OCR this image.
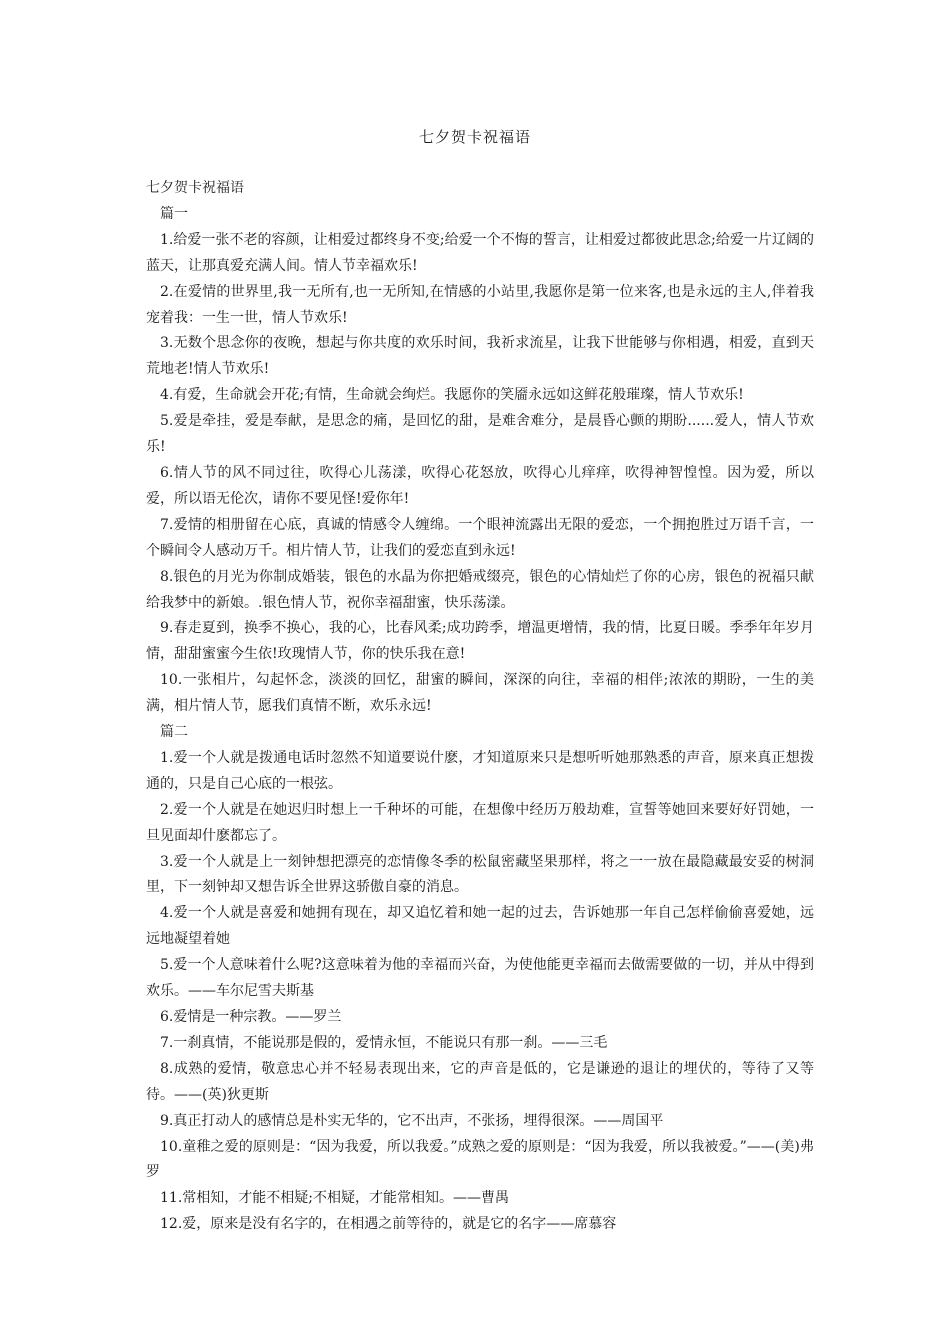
七夕贺卡祝福语

七夕贺卡祝福语

篇一

1.给爱一张不老的容颜，让相爱过都终身不变;给爱一个不悔的誓言，让相爱过都彼此思念;给爱一片辽阔的蓝天，让那真爱充满人间。情人节幸福欢乐!

2.在爱情的世界里,我一无所有,也一无所知,在情感的小站里,我愿你是第一位来客,也是永远的主人,伴着我宠着我：一生一世，情人节欢乐!

3.无数个思念你的夜晚，想起与你共度的欢乐时间，我祈求流星，让我下世能够与你相遇，相爱，直到天荒地老!情人节欢乐!

4.有爱，生命就会开花;有情，生命就会绚烂。我愿你的笑靥永远如这鲜花般璀璨，情人节欢乐!

5.爱是牵挂，爱是奉献，是思念的痛，是回忆的甜，是难舍难分，是晨昏心颤的期盼......爱人，情人节欢乐!

6.情人节的风不同过往，吹得心儿荡漾，吹得心花怒放，吹得心儿痒痒，吹得神智惶惶。因为爱，所以爱，所以语无伦次，请你不要见怪!爱你年!

7.爱情的相册留在心底，真诚的情感令人缠绵。一个眼神流露出无限的爱恋，一个拥抱胜过万语千言，一个瞬间令人感动万千。相片情人节，让我们的爱恋直到永远!

8.银色的月光为你制成婚装，银色的水晶为你把婚戒缀亮，银色的心情灿烂了你的心房，银色的祝福只献给我梦中的新娘。.银色情人节，祝你幸福甜蜜，快乐荡漾。

9.春走夏到，换季不换心，我的心，比春风柔;成功跨季，增温更增情，我的情，比夏日暖。季季年年岁月情，甜甜蜜蜜今生依!玫瑰情人节，你的快乐我在意!

10.一张相片，勾起怀念，淡淡的回忆，甜蜜的瞬间，深深的向往，幸福的相伴;浓浓的期盼，一生的美满，相片情人节，愿我们真情不断，欢乐永远!

篇二

1.爱一个人就是拨通电话时忽然不知道要说什麽，才知道原来只是想听听她那熟悉的声音，原来真正想拨通的，只是自己心底的一根弦。

2.爱一个人就是在她迟归时想上一千种坏的可能，在想像中经历万般劫难，宣誓等她回来要好好罚她，一旦见面却什麽都忘了。

3.爱一个人就是上一刻钟想把漂亮的恋情像冬季的松鼠密藏坚果那样，将之一一放在最隐藏最安妥的树洞里，下一刻钟却又想告诉全世界这骄傲自豪的消息。

4.爱一个人就是喜爱和她拥有现在，却又追忆着和她一起的过去，告诉她那一年自己怎样偷偷喜爱她，远远地凝望着她

5.爱一个人意味着什么呢?这意味着为他的幸福而兴奋，为使他能更幸福而去做需要做的一切，并从中得到欢乐。——车尔尼雪夫斯基

6.爱情是一种宗教。——罗兰

7.一刹真情，不能说那是假的，爱情永恒，不能说只有那一刹。——三毛

8.成熟的爱情，敬意忠心并不轻易表现出来，它的声音是低的，它是谦逊的退让的埋伏的，等待了又等待。——(英)狄更斯

9.真正打动人的感情总是朴实无华的，它不出声，不张扬，埋得很深。——周国平

10.童稚之爱的原则是：“因为我爱，所以我爱。”成熟之爱的原则是：“因为我爱，所以我被爱。”——(美)弗罗

11.常相知，才能不相疑;不相疑，才能常相知。——曹禺

12.爱，原来是没有名字的，在相遇之前等待的，就是它的名字——席慕容
